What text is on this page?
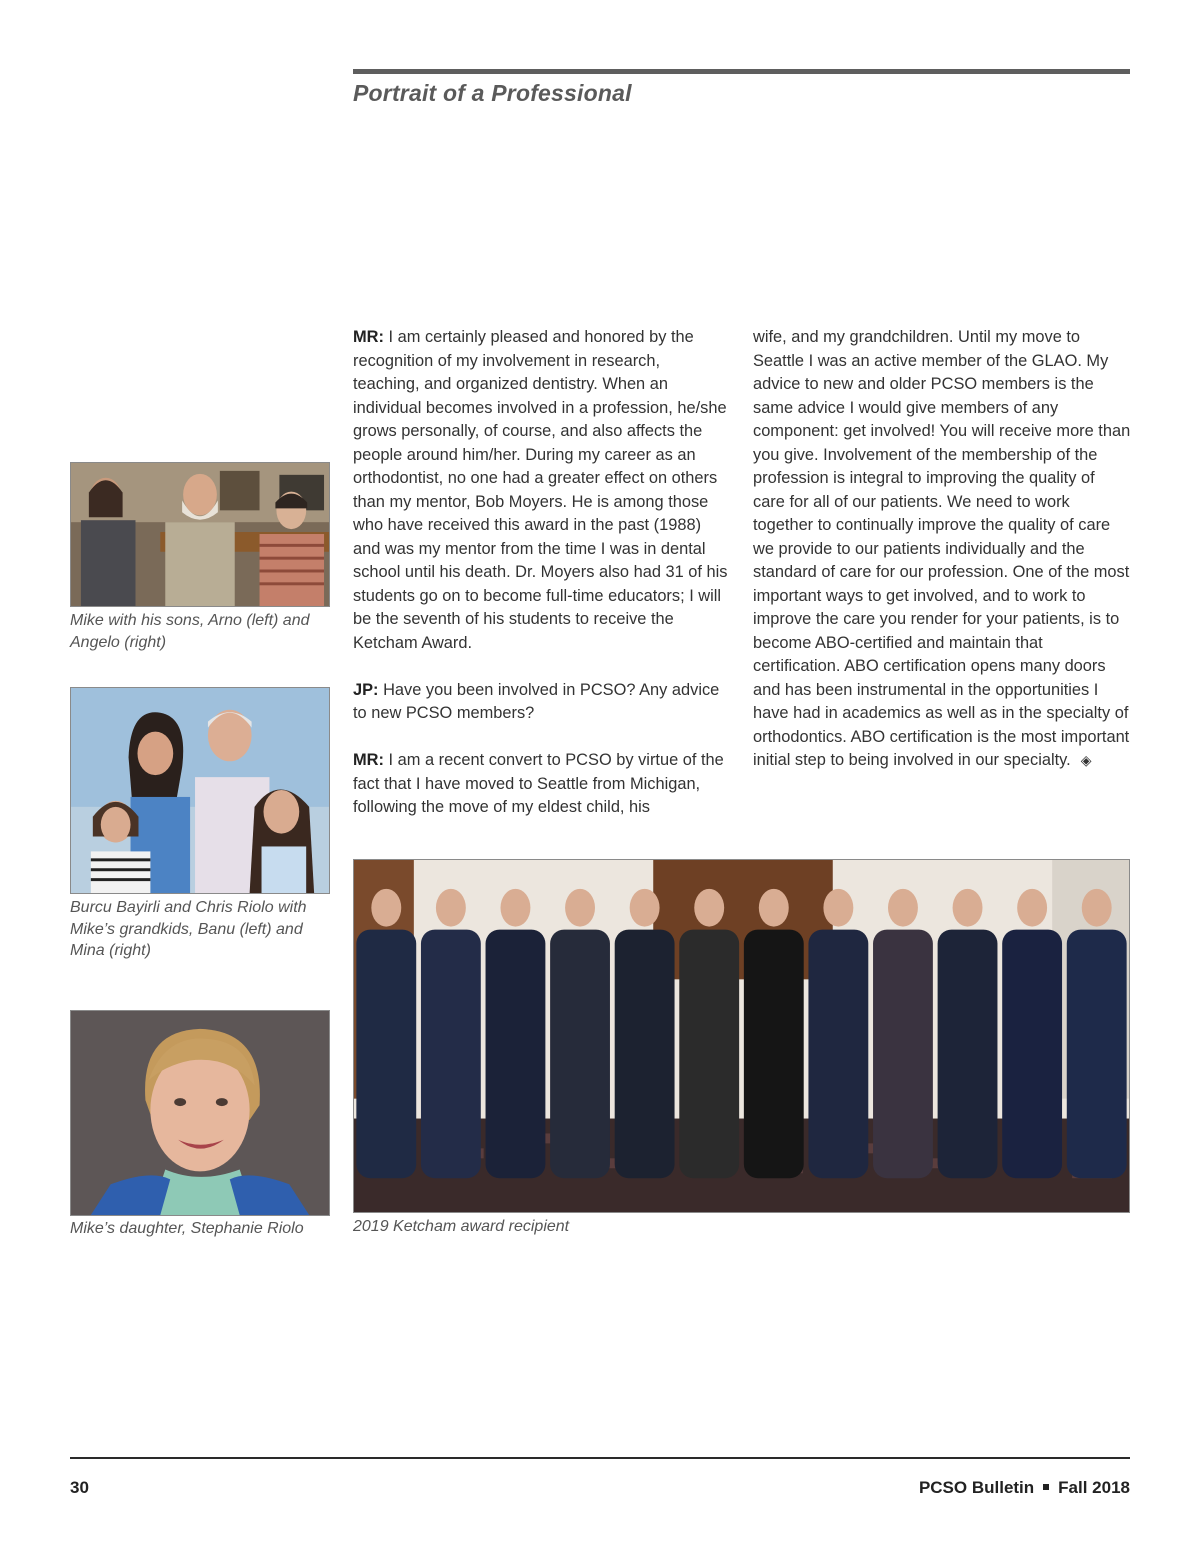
Portrait of a Professional

MR: I am certainly pleased and honored by the recognition of my involvement in research, teaching, and organized dentistry. When an individual becomes involved in a profession, he/she grows personally, of course, and also affects the people around him/her. During my career as an orthodontist, no one had a greater effect on others than my mentor, Bob Moyers. He is among those who have received this award in the past (1988) and was my mentor from the time I was in dental school until his death. Dr. Moyers also had 31 of his students go on to become full-time educators; I will be the seventh of his students to receive the Ketcham Award.

JP: Have you been involved in PCSO? Any advice to new PCSO members?

MR: I am a recent convert to PCSO by virtue of the fact that I have moved to Seattle from Michigan, following the move of my eldest child, his

wife, and my grandchildren. Until my move to Seattle I was an active member of the GLAO. My advice to new and older PCSO members is the same advice I would give members of any component: get involved! You will receive more than you give. Involvement of the membership of the profession is integral to improving the quality of care for all of our patients. We need to work together to continually improve the quality of care we provide to our patients individually and the standard of care for our profession. One of the most important ways to get involved, and to work to improve the care you render for your patients, is to become ABO-certified and maintain that certification. ABO certification opens many doors and has been instrumental in the opportunities I have had in academics as well as in the specialty of orthodontics. ABO certification is the most important initial step to being involved in our specialty. ◈

Mike with his sons, Arno (left) and Angelo (right)
Burcu Bayirli and Chris Riolo with Mike’s grandkids, Banu (left) and Mina (right)
Mike’s daughter, Stephanie Riolo	2019 Ketcham award recipient
30	PCSO Bulletin Fall 2018
